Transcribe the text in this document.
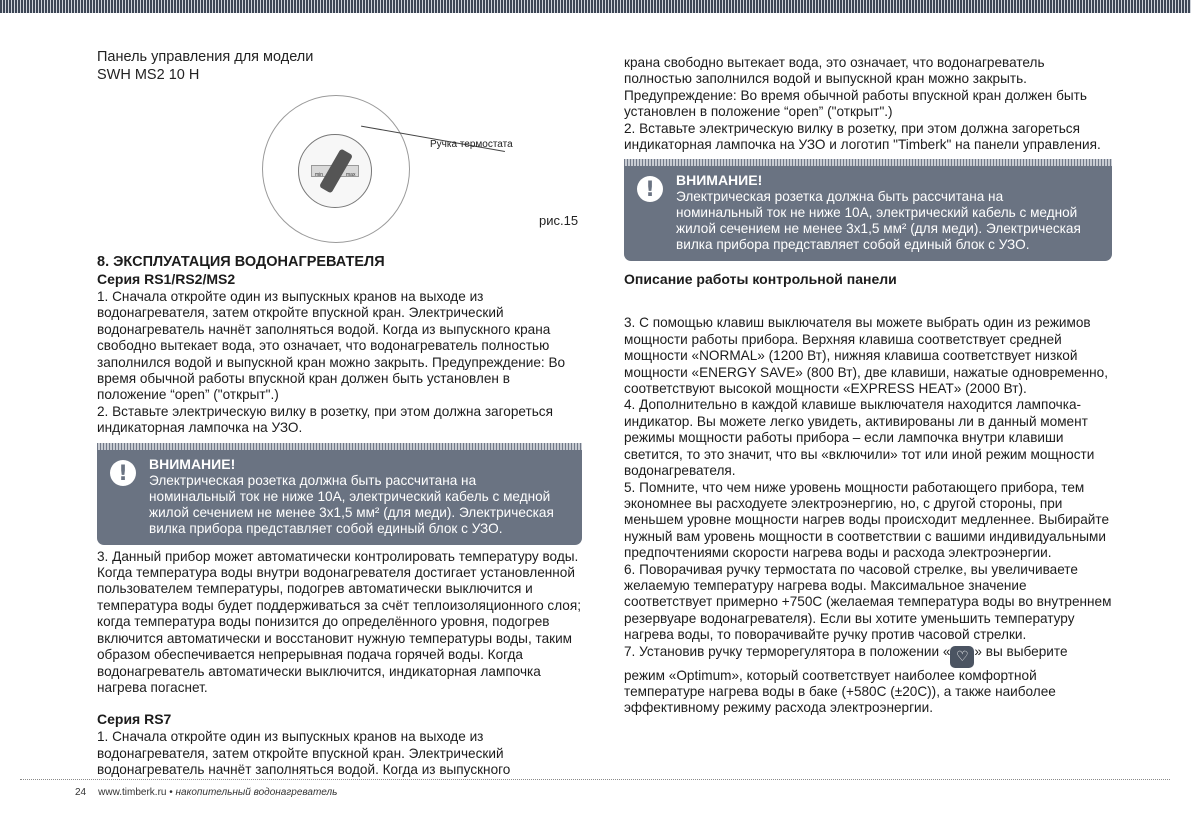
Панель управления для модели
SWH MS2 10 H
min	max
Ручка термостата
рис.15
8. ЭКСПЛУАТАЦИЯ ВОДОНАГРЕВАТЕЛЯ
Серия RS1/RS2/MS2

1. Сначала откройте один из выпускных кранов на выходе из водонагревателя, затем откройте впускной кран. Электрический водонагреватель начнёт заполняться водой. Когда из выпускного крана свободно вытекает вода, это означает, что водонагреватель полностью заполнился водой и выпускной кран можно закрыть. Предупреждение: Во время обычной работы впускной кран должен быть установлен в положение “open” ("открыт".)

2. Вставьте электрическую вилку в розетку, при этом должна загореться индикаторная лампочка на УЗО.

!	ВНИМАНИЕ!
Электрическая розетка должна быть рассчитана на номинальный ток не ниже 10А, электрический кабель с медной жилой сечением не менее 3х1,5 мм² (для меди). Электрическая вилка прибора представляет собой единый блок с УЗО.

3. Данный прибор может автоматически контролировать температуру воды. Когда температура воды внутри водонагревателя достигает установленной пользователем температуры, подогрев автоматически выключится и температура воды будет поддерживаться за счёт теплоизоляционного слоя; когда температура воды понизится до определённого уровня, подогрев включится автоматически и восстановит нужную температуры воды, таким образом обеспечивается непрерывная подача горячей воды. Когда водонагреватель автоматически выключится, индикаторная лампочка нагрева погаснет.

Серия RS7

1. Сначала откройте один из выпускных кранов на выходе из водонагревателя, затем откройте впускной кран. Электрический водонагреватель начнёт заполняться водой. Когда из выпускного

крана свободно вытекает вода, это означает, что водонагреватель полностью заполнился водой и выпускной кран можно закрыть. Предупреждение: Во время обычной работы впускной кран должен быть установлен в положение “open” ("открыт".)

2. Вставьте электрическую вилку в розетку, при этом должна загореться индикаторная лампочка на УЗО и логотип "Timberk" на панели управления.

!	ВНИМАНИЕ!
Электрическая розетка должна быть рассчитана на номинальный ток не ниже 10А, электрический кабель с медной жилой сечением не менее 3х1,5 мм² (для меди). Электрическая вилка прибора представляет собой единый блок с УЗО.
Описание работы контрольной панели

3. С помощью клавиш выключателя вы можете выбрать один из режимов мощности работы прибора. Верхняя клавиша соответствует средней мощности «NORMAL» (1200 Вт), нижняя клавиша соответствует низкой мощности «ENERGY SAVE» (800 Вт), две клавиши, нажатые одновременно, соответствуют высокой мощности «EXPRESS HEAT» (2000 Вт).

4. Дополнительно в каждой клавише выключателя находится лампочка-индикатор. Вы можете легко увидеть, активированы ли в данный момент режимы мощности работы прибора – если лампочка внутри клавиши светится, то это значит, что вы «включили» тот или иной режим мощности водонагревателя.

5. Помните, что чем ниже уровень мощности работающего прибора, тем экономнее вы расходуете электроэнергию, но, с другой стороны, при меньшем уровне мощности нагрев воды происходит медленнее. Выбирайте нужный вам уровень мощности в соответствии с вашими индивидуальными предпочтениями скорости нагрева воды и расхода электроэнергии.

6. Поворачивая ручку термостата по часовой стрелке, вы увеличиваете желаемую температуру нагрева воды. Максимальное значение соответствует примерно +750С (желаемая температура воды во внутреннем резервуаре водонагревателя). Если вы хотите уменьшить температуру нагрева воды, то поворачивайте ручку против часовой стрелки.

7. Установив ручку терморегулятора в положении « ♡ » вы выберите режим «Optimum», который соответствует наиболее комфортной температуре нагрева воды в баке (+580С (±20С)), а также наиболее эффективному режиму расхода электроэнергии.

24 www.timberk.ru • накопительный водонагреватель
